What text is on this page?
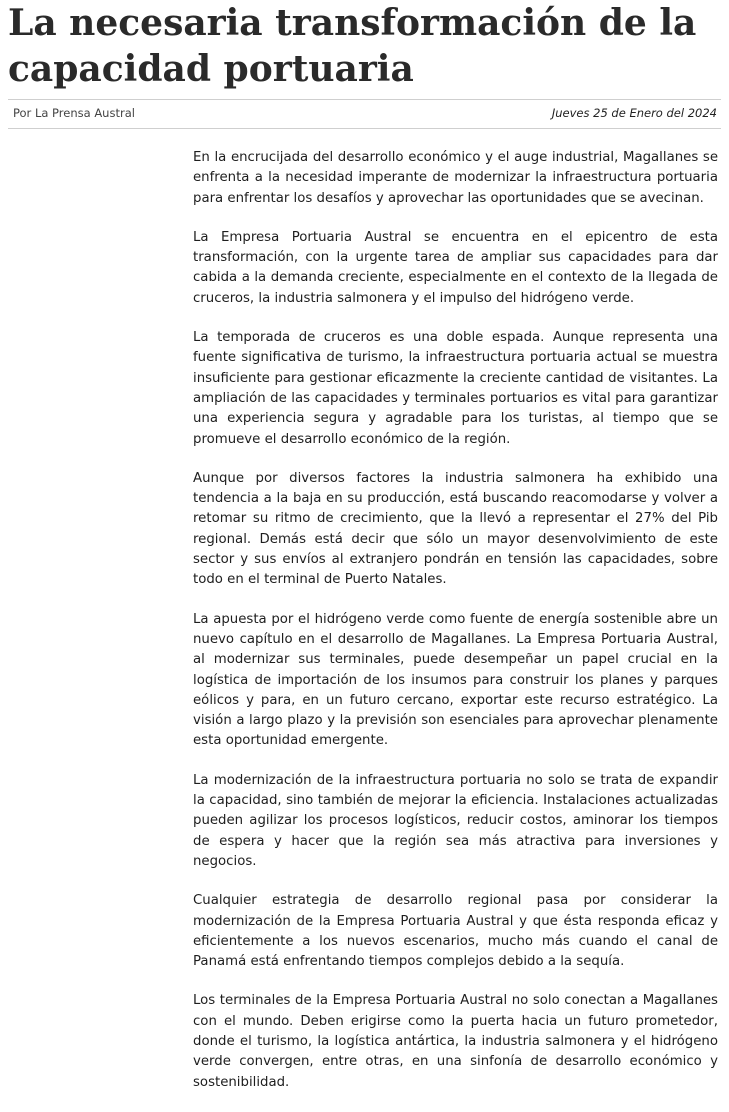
La necesaria transformación de la capacidad portuaria
Por La Prensa Austral	Jueves 25 de Enero del 2024

En la encrucijada del desarrollo económico y el auge industrial, Magallanes se enfrenta a la necesidad imperante de modernizar la infraestructura portuaria para enfrentar los desafíos y aprovechar las oportunidades que se avecinan.

La Empresa Portuaria Austral se encuentra en el epicentro de esta transformación, con la urgente tarea de ampliar sus capacidades para dar cabida a la demanda creciente, especialmente en el contexto de la llegada de cruceros, la industria salmonera y el impulso del hidrógeno verde.

La temporada de cruceros es una doble espada. Aunque representa una fuente significativa de turismo, la infraestructura portuaria actual se muestra insuficiente para gestionar eficazmente la creciente cantidad de visitantes. La ampliación de las capacidades y terminales portuarios es vital para garantizar una experiencia segura y agradable para los turistas, al tiempo que se promueve el desarrollo económico de la región.

Aunque por diversos factores la industria salmonera ha exhibido una tendencia a la baja en su producción, está buscando reacomodarse y volver a retomar su ritmo de crecimiento, que la llevó a representar el 27% del Pib regional. Demás está decir que sólo un mayor desenvolvimiento de este sector y sus envíos al extranjero pondrán en tensión las capacidades, sobre todo en el terminal de Puerto Natales.

La apuesta por el hidrógeno verde como fuente de energía sostenible abre un nuevo capítulo en el desarrollo de Magallanes. La Empresa Portuaria Austral, al modernizar sus terminales, puede desempeñar un papel crucial en la logística de importación de los insumos para construir los planes y parques eólicos y para, en un futuro cercano, exportar este recurso estratégico. La visión a largo plazo y la previsión son esenciales para aprovechar plenamente esta oportunidad emergente.

La modernización de la infraestructura portuaria no solo se trata de expandir la capacidad, sino también de mejorar la eficiencia. Instalaciones actualizadas pueden agilizar los procesos logísticos, reducir costos, aminorar los tiempos de espera y hacer que la región sea más atractiva para inversiones y negocios.

Cualquier estrategia de desarrollo regional pasa por considerar la modernización de la Empresa Portuaria Austral y que ésta responda eficaz y eficientemente a los nuevos escenarios, mucho más cuando el canal de Panamá está enfrentando tiempos complejos debido a la sequía.

Los terminales de la Empresa Portuaria Austral no solo conectan a Magallanes con el mundo. Deben erigirse como la puerta hacia un futuro prometedor, donde el turismo, la logística antártica, la industria salmonera y el hidrógeno verde convergen, entre otras, en una sinfonía de desarrollo económico y sostenibilidad.
